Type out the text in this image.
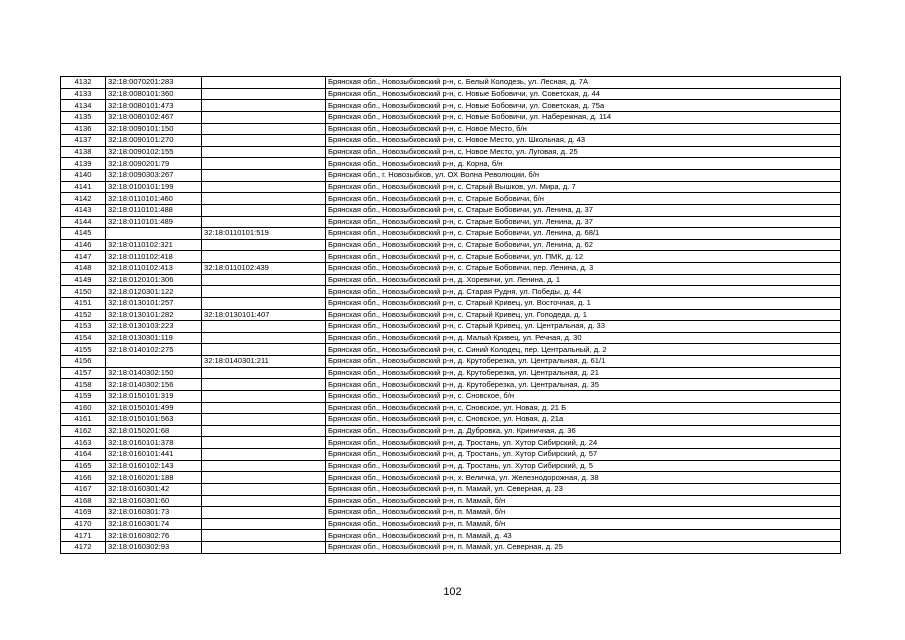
4132	32:18:0070201:283		Брянская обл., Новозыбковский р-н, с. Белый Колодезь, ул. Лесная, д. 7А
4133	32:18:0080101:360		Брянская обл., Новозыбковский р-н, с. Новые Бобовичи, ул. Советская, д. 44
4134	32:18:0080101:473		Брянская обл., Новозыбковский р-н, с. Новые Бобовичи, ул. Советская, д. 75а
4135	32:18:0080102:467		Брянская обл., Новозыбковский р-н, с. Новые Бобовичи, ул. Набережная, д. 114
4136	32:18:0090101:150		Брянская обл., Новозыбковский р-н, с. Новое Место, б/н
4137	32:18:0090101:270		Брянская обл., Новозыбковский р-н, с. Новое Место, ул. Школьная, д. 43
4138	32:18:0090102:155		Брянская обл., Новозыбковский р-н, с. Новое Место, ул. Луговая, д. 25
4139	32:18:0090201:79		Брянская обл., Новозыбковский р-н, д. Корна, б/н
4140	32:18:0090303:267		Брянская обл., г. Новозыбков, ул. ОХ Волна Революции, б/н
4141	32:18:0100101:199		Брянская обл., Новозыбковский р-н, с. Старый Вышков, ул. Мира, д. 7
4142	32:18:0110101:460		Брянская обл., Новозыбковский р-н, с. Старые Бобовичи, б/н
4143	32:18:0110101:488		Брянская обл., Новозыбковский р-н, с. Старые Бобовичи, ул. Ленина, д. 37
4144	32:18:0110101:489		Брянская обл., Новозыбковский р-н, с. Старые Бобовичи, ул. Ленина, д. 37
4145		32:18:0110101:519	Брянская обл., Новозыбковский р-н, с. Старые Бобовичи, ул. Ленина, д. 68/1
4146	32:18:0110102:321		Брянская обл., Новозыбковский р-н, с. Старые Бобовичи, ул. Ленина, д. 62
4147	32:18:0110102:418		Брянская обл., Новозыбковский р-н, с. Старые Бобовичи, ул. ПМК, д. 12
4148	32:18:0110102:413	32:18:0110102:439	Брянская обл., Новозыбковский р-н, с. Старые Бобовичи, пер. Ленина, д. 3
4149	32:18:0120101:306		Брянская обл., Новозыбковский р-н, д. Хоревичи, ул. Ленина, д. 1
4150	32:18:0120301:122		Брянская обл., Новозыбковский р-н, д. Старая Рудня, ул. Победы, д. 44
4151	32:18:0130101:257		Брянская обл., Новозыбковский р-н, с. Старый Кривец, ул. Восточная, д. 1
4152	32:18:0130101:282	32:18:0130101:407	Брянская обл., Новозыбковский р-н, с. Старый Кривец, ул. Гоподеда, д. 1
4153	32:18:0130103:223		Брянская обл., Новозыбковский р-н, с. Старый Кривец, ул. Центральная, д. 33
4154	32:18:0130301:119		Брянская обл., Новозыбковский р-н, д. Малый Кривец, ул. Речная, д. 30
4155	32:18:0140102:275		Брянская обл., Новозыбковский р-н, с. Синий Колодец, пер. Центральный, д. 2
4156		32:18:0140301:211	Брянская обл., Новозыбковский р-н, д. Крутоберезка, ул. Центральная, д. 61/1
4157	32:18:0140302:150		Брянская обл., Новозыбковский р-н, д. Крутоберезка, ул. Центральная, д. 21
4158	32:18:0140302:156		Брянская обл., Новозыбковский р-н, д. Крутоберезка, ул. Центральная, д. 35
4159	32:18:0150101:319		Брянская обл., Новозыбковский р-н, с. Сновское, б/н
4160	32:18:0150101:499		Брянская обл., Новозыбковский р-н, с. Сновское, ул. Новая, д. 21 Б
4161	32:18:0150101:563		Брянская обл., Новозыбковский р-н, с. Сновское, ул. Новая, д. 21а
4162	32:18:0150201:68		Брянская обл., Новозыбковский р-н, д. Дубровка, ул. Криничная, д. 36
4163	32:18:0160101:378		Брянская обл., Новозыбковский р-н, д. Тростань, ул. Хутор Сибирский, д. 24
4164	32:18:0160101:441		Брянская обл., Новозыбковский р-н, д. Тростань, ул. Хутор Сибирский, д. 57
4165	32:18:0160102:143		Брянская обл., Новозыбковский р-н, д. Тростань, ул. Хутор Сибирский, д. 5
4166	32:18:0160201:188		Брянская обл., Новозыбковский р-н, х. Величка, ул. Железнодорожная, д. 38
4167	32:18:0160301:42		Брянская обл., Новозыбковский р-н, п. Мамай, ул. Северная, д. 23
4168	32:18:0160301:60		Брянская обл., Новозыбковский р-н, п. Мамай, б/н
4169	32:18:0160301:73		Брянская обл., Новозыбковский р-н, п. Мамай, б/н
4170	32:18:0160301:74		Брянская обл., Новозыбковский р-н, п. Мамай, б/н
4171	32:18:0160302:76		Брянская обл., Новозыбковский р-н, п. Мамай, д. 43
4172	32:18:0160302:93		Брянская обл., Новозыбковский р-н, п. Мамай, ул. Северная, д. 25
102
